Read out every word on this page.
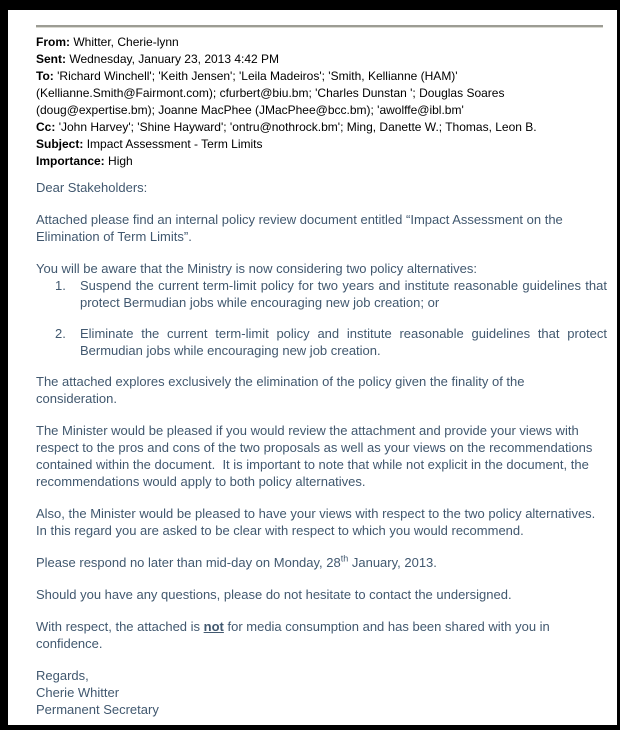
From: Whitter, Cherie-lynn

Sent: Wednesday, January 23, 2013 4:42 PM

To: 'Richard Winchell'; 'Keith Jensen'; 'Leila Madeiros'; 'Smith, Kellianne (HAM)' (Kellianne.Smith@Fairmont.com); cfurbert@biu.bm; 'Charles Dunstan '; Douglas Soares (doug@expertise.bm); Joanne MacPhee (JMacPhee@bcc.bm); 'awolffe@ibl.bm'

Cc: 'John Harvey'; 'Shine Hayward'; 'ontru@nothrock.bm'; Ming, Danette W.; Thomas, Leon B.

Subject: Impact Assessment - Term Limits

Importance: High

Dear Stakeholders:

Attached please find an internal policy review document entitled “Impact Assessment on the Elimination of Term Limits”.

You will be aware that the Ministry is now considering two policy alternatives:

1.	Suspend the current term-limit policy for two years and institute reasonable guidelines that protect Bermudian jobs while encouraging new job creation; or
2.	Eliminate the current term-limit policy and institute reasonable guidelines that protect Bermudian jobs while encouraging new job creation.

The attached explores exclusively the elimination of the policy given the finality of the consideration.

The Minister would be pleased if you would review the attachment and provide your views with respect to the pros and cons of the two proposals as well as your views on the recommendations contained within the document.  It is important to note that while not explicit in the document, the recommendations would apply to both policy alternatives.

Also, the Minister would be pleased to have your views with respect to the two policy alternatives. In this regard you are asked to be clear with respect to which you would recommend.

Please respond no later than mid-day on Monday, 28th January, 2013.

Should you have any questions, please do not hesitate to contact the undersigned.

With respect, the attached is not for media consumption and has been shared with you in confidence.

Regards,
Cherie Whitter
Permanent Secretary
